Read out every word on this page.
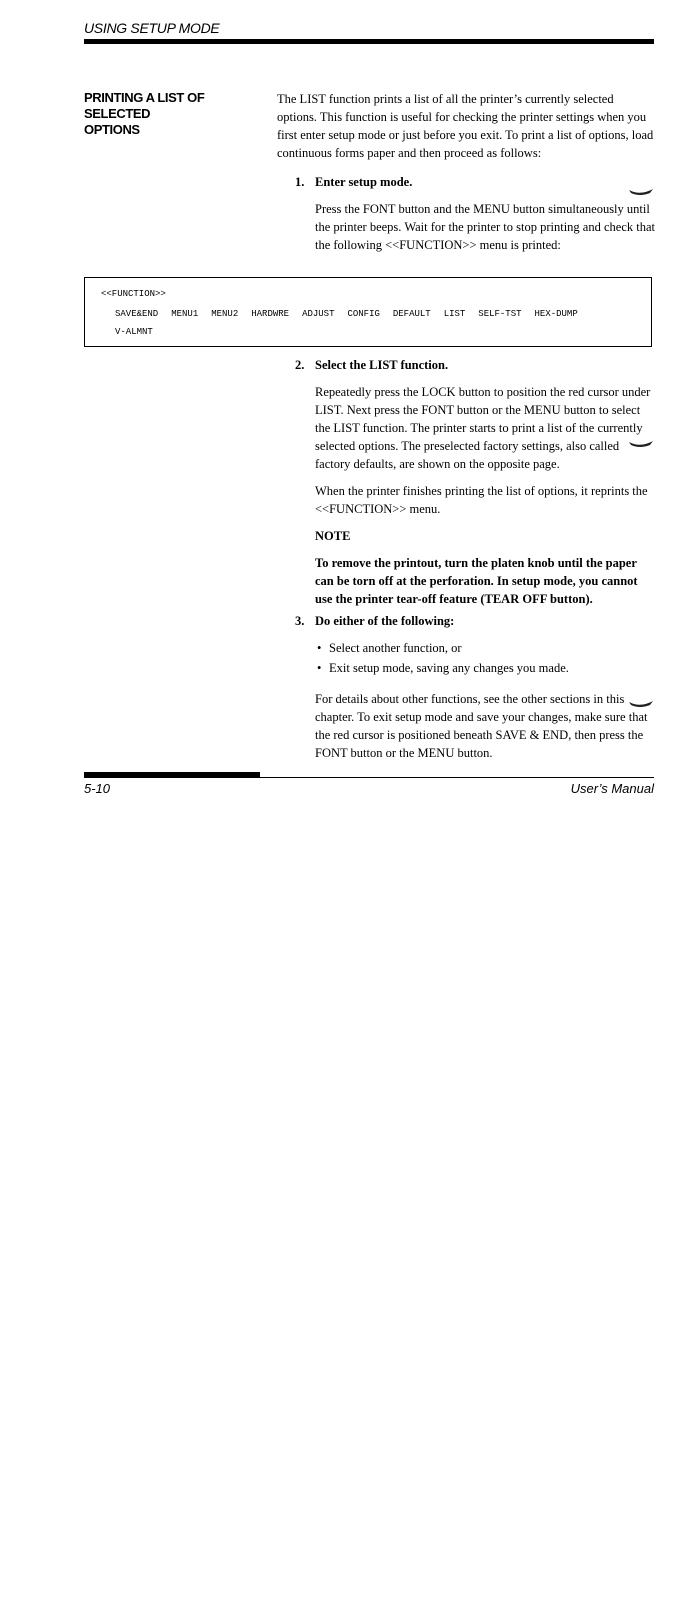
USING SETUP MODE
PRINTING A LIST OF SELECTED
OPTIONS
The LIST function prints a list of all the printer’s currently selected options. This function is useful for checking the printer settings when you first enter setup mode or just before you exit. To print a list of options, load continuous forms paper and then proceed as follows:
1. Enter setup mode.

Press the FONT button and the MENU button simultaneously until the printer beeps. Wait for the printer to stop printing and check that the following <<FUNCTION>> menu is printed:

<<FUNCTION>>
SAVE&END MENU1 MENU2 HARDWRE ADJUST CONFIG DEFAULT LIST SELF-TST HEX-DUMP
V-ALMNT
2. Select the LIST function.

Repeatedly press the LOCK button to position the red cursor under LIST. Next press the FONT button or the MENU button to select the LIST function. The printer starts to print a list of the currently selected options. The preselected factory settings, also called factory defaults, are shown on the opposite page.

When the printer finishes printing the list of options, it reprints the <<FUNCTION>> menu.

NOTE

To remove the printout, turn the platen knob until the paper can be torn off at the perforation. In setup mode, you cannot use the printer tear-off feature (TEAR OFF button).

3. Do either of the following:
• Select another function, or
• Exit setup mode, saving any changes you made.

For details about other functions, see the other sections in this chapter. To exit setup mode and save your changes, make sure that the red cursor is positioned beneath SAVE & END, then press the FONT button or the MENU button.

5-10	User’s Manual
